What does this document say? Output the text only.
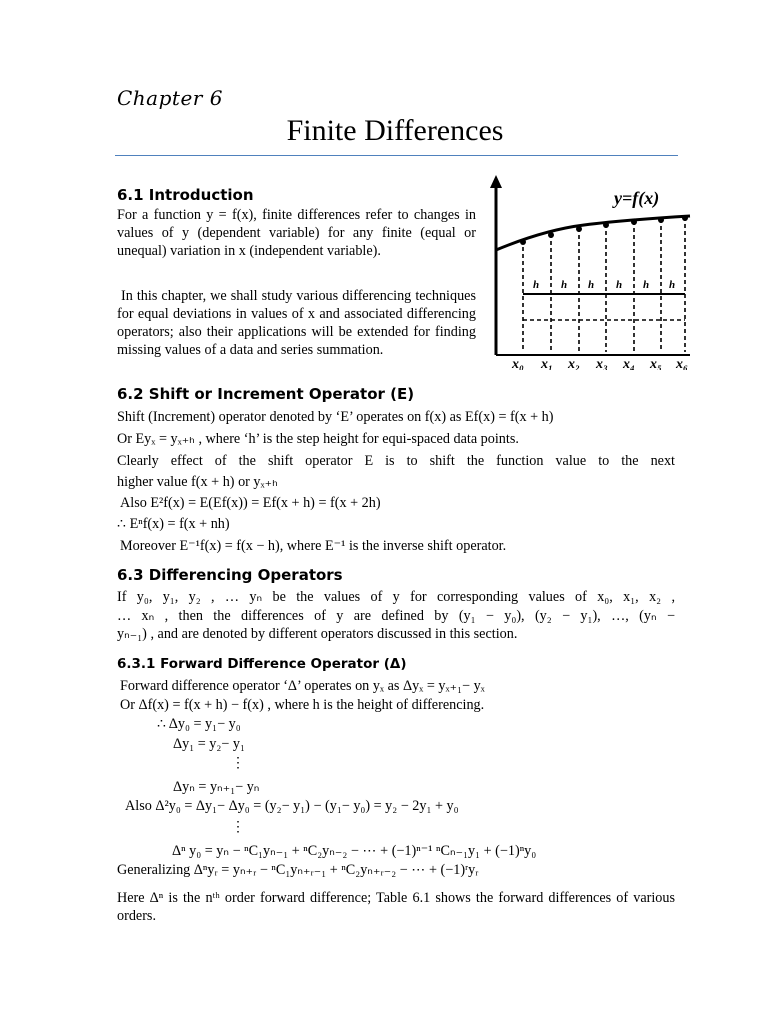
Chapter 6
Finite Differences
y=f(x)
h h h h h h
x₀ x₁ x₂ x₃ x₄ x₅ x₆
6.1 Introduction
For a function y = f(x), finite differences refer to changes in values of y (dependent variable) for any finite (equal or unequal) variation in x (independent variable).
In this chapter, we shall study various differencing techniques for equal deviations in values of x and associated differencing operators; also their applications will be extended for finding missing values of a data and series summation.
6.2 Shift or Increment Operator (E)
Shift (Increment) operator denoted by ‘E’ operates on f(x) as Ef(x) = f(x + h)
Or Eyₓ = yₓ₊ₕ , where ‘h’ is the step height for equi-spaced data points.
Clearly effect of the shift operator E is to shift the function value to the next
higher value f(x + h) or yₓ₊ₕ
Also E²f(x) = E(Ef(x)) = Ef(x + h) = f(x + 2h)
∴ Eⁿf(x) = f(x + nh)
Moreover E⁻¹f(x) = f(x − h), where E⁻¹ is the inverse shift operator.
6.3 Differencing Operators
If y₀, y₁, y₂ , … yₙ be the values of y for corresponding values of x₀, x₁, x₂ ,
… xₙ , then the differences of y are defined by (y₁ − y₀), (y₂ − y₁), …, (yₙ −
yₙ₋₁) , and are denoted by different operators discussed in this section.
6.3.1 Forward Difference Operator (Δ)
Forward difference operator ‘Δ’ operates on yₓ as Δyₓ = yₓ₊₁− yₓ
Or Δf(x) = f(x + h) − f(x) , where h is the height of differencing.
∴ Δy₀ = y₁− y₀
Δy₁ = y₂− y₁
⋮
Δyₙ = yₙ₊₁− yₙ
Also Δ²y₀ = Δy₁− Δy₀ = (y₂− y₁) − (y₁− y₀) = y₂ − 2y₁ + y₀
⋮
Δⁿ y₀ = yₙ − ⁿC₁yₙ₋₁ + ⁿC₂yₙ₋₂ − ⋯ + (−1)ⁿ⁻¹ ⁿCₙ₋₁y₁ + (−1)ⁿy₀
Generalizing Δⁿyᵣ = yₙ₊ᵣ − ⁿC₁yₙ₊ᵣ₋₁ + ⁿC₂yₙ₊ᵣ₋₂ − ⋯ + (−1)ʳyᵣ
Here Δⁿ is the nᵗʰ order forward difference; Table 6.1 shows the forward differences of various orders.
